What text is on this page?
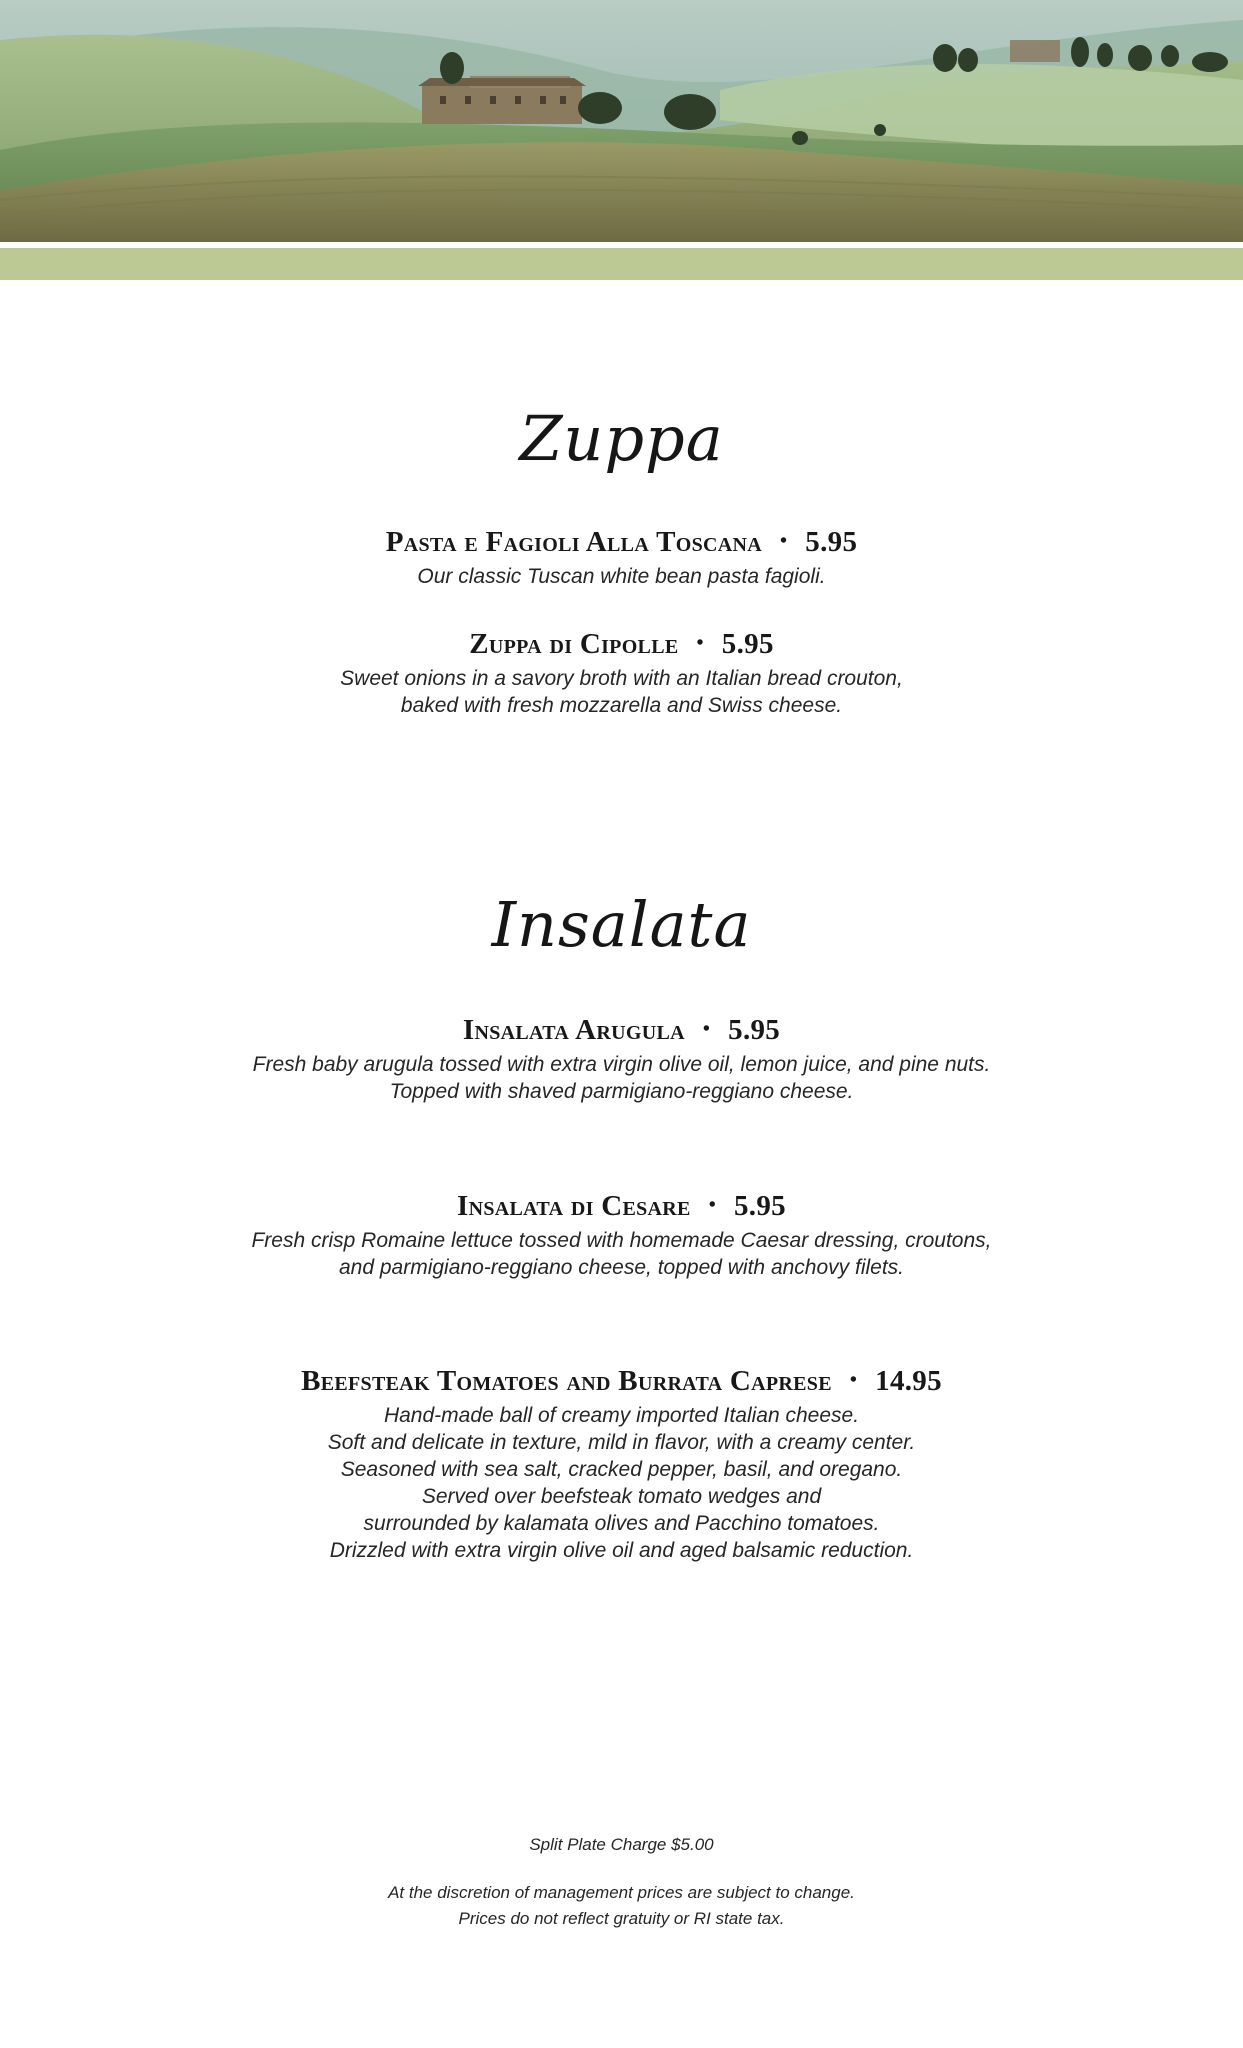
Zuppa
Pasta e Fagioli Alla Toscana • 5.95
Our classic Tuscan white bean pasta fagioli.
Zuppa di Cipolle • 5.95
Sweet onions in a savory broth with an Italian bread crouton,
baked with fresh mozzarella and Swiss cheese.
Insalata
Insalata Arugula • 5.95
Fresh baby arugula tossed with extra virgin olive oil, lemon juice, and pine nuts.
Topped with shaved parmigiano-reggiano cheese.
Insalata di Cesare • 5.95
Fresh crisp Romaine lettuce tossed with homemade Caesar dressing, croutons,
and parmigiano-reggiano cheese, topped with anchovy filets.
Beefsteak Tomatoes and Burrata Caprese • 14.95
Hand-made ball of creamy imported Italian cheese.
Soft and delicate in texture, mild in flavor, with a creamy center.
Seasoned with sea salt, cracked pepper, basil, and oregano.
Served over beefsteak tomato wedges and
surrounded by kalamata olives and Pacchino tomatoes.
Drizzled with extra virgin olive oil and aged balsamic reduction.
Split Plate Charge $5.00
At the discretion of management prices are subject to change.
Prices do not reflect gratuity or RI state tax.
